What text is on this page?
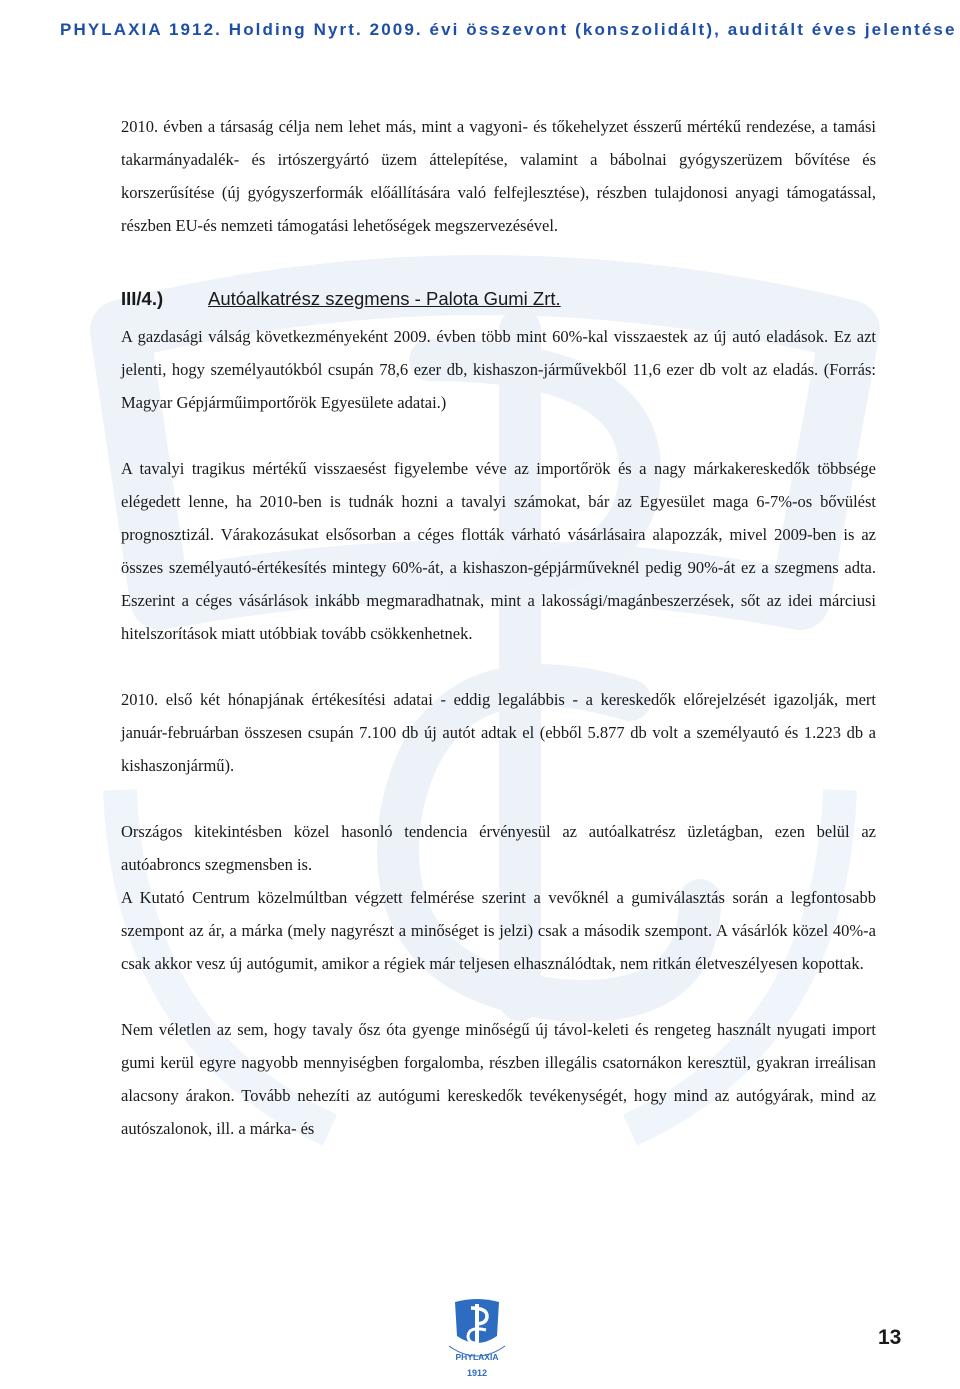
PHYLAXIA 1912. Holding Nyrt. 2009. évi összevont (konszolidált), auditált éves jelentése

2010. évben a társaság célja nem lehet más, mint a vagyoni- és tőkehelyzet ésszerű mértékű rendezése, a tamási takarmányadalék- és irtószergyártó üzem áttelepítése, valamint a bábolnai gyógyszerüzem bővítése és korszerűsítése (új gyógyszerformák előállítására való felfejlesztése), részben tulajdonosi anyagi támogatással, részben EU-és nemzeti támogatási lehetőségek megszervezésével.

III/4.) Autóalkatrész szegmens - Palota Gumi Zrt.

A gazdasági válság következményeként 2009. évben több mint 60%-kal visszaestek az új autó eladások. Ez azt jelenti, hogy személyautókból csupán 78,6 ezer db, kishaszon-járművekből 11,6 ezer db volt az eladás. (Forrás: Magyar Gépjárműimportőrök Egyesülete adatai.)

A tavalyi tragikus mértékű visszaesést figyelembe véve az importőrök és a nagy márkakereskedők többsége elégedett lenne, ha 2010-ben is tudnák hozni a tavalyi számokat, bár az Egyesület maga 6-7%-os bővülést prognosztizál. Várakozásukat elsősorban a céges flották várható vásárlásaira alapozzák, mivel 2009-ben is az összes személyautó-értékesítés mintegy 60%-át, a kishaszon-gépjárműveknél pedig 90%-át ez a szegmens adta. Eszerint a céges vásárlások inkább megmaradhatnak, mint a lakossági/magánbeszerzések, sőt az idei márciusi hitelszorítások miatt utóbbiak tovább csökkenhetnek.

2010. első két hónapjának értékesítési adatai - eddig legalábbis - a kereskedők előrejelzését igazolják, mert január-februárban összesen csupán 7.100 db új autót adtak el (ebből 5.877 db volt a személyautó és 1.223 db a kishaszonjármű).

Országos kitekintésben közel hasonló tendencia érvényesül az autóalkatrész üzletágban, ezen belül az autóabroncs szegmensben is.

A Kutató Centrum közelmúltban végzett felmérése szerint a vevőknél a gumiválasztás során a legfontosabb szempont az ár, a márka (mely nagyrészt a minőséget is jelzi) csak a második szempont. A vásárlók közel 40%-a csak akkor vesz új autógumit, amikor a régiek már teljesen elhasználódtak, nem ritkán életveszélyesen kopottak.

Nem véletlen az sem, hogy tavaly ősz óta gyenge minőségű új távol-keleti és rengeteg használt nyugati import gumi kerül egyre nagyobb mennyiségben forgalomba, részben illegális csatornákon keresztül, gyakran irreálisan alacsony árakon. Tovább nehezíti az autógumi kereskedők tevékenységét, hogy mind az autógyárak, mind az autószalonok, ill. a márka- és

PHYLAXIA
1912
13
